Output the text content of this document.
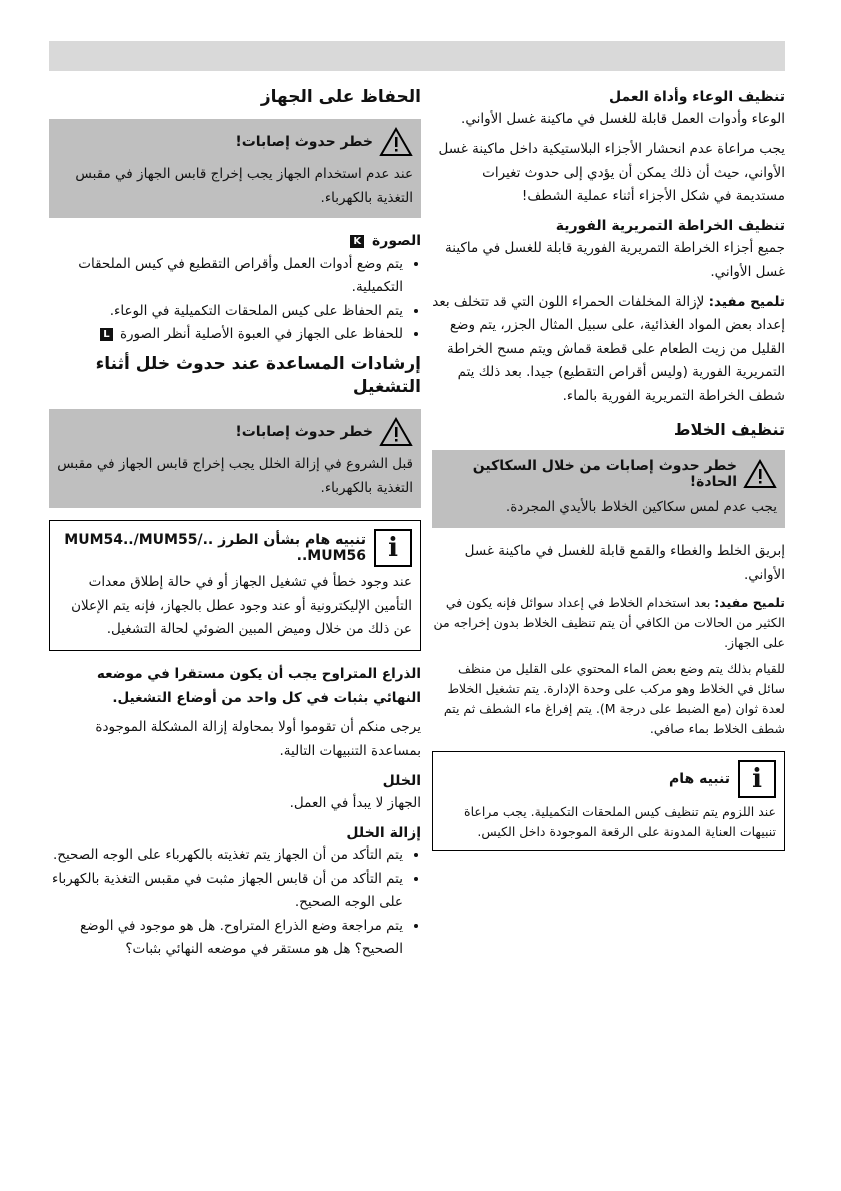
تنظيف الوعاء وأداة العمل

الوعاء وأدوات العمل قابلة للغسل في ماكينة غسل الأواني.

يجب مراعاة عدم انحشار الأجزاء البلاستيكية داخل ماكينة غسل الأواني، حيث أن ذلك يمكن أن يؤدي إلى حدوث تغيرات مستديمة في شكل الأجزاء أثناء عملية الشطف!

تنظيف الخراطة التمريرية الفورية

جميع أجزاء الخراطة التمريرية الفورية قابلة للغسل في ماكينة غسل الأواني.

تلميح مفيد: لإزالة المخلفات الحمراء اللون التي قد تتخلف بعد إعداد بعض المواد الغذائية، على سبيل المثال الجزر، يتم وضع القليل من زيت الطعام على قطعة قماش ويتم مسح الخراطة التمريرية الفورية (وليس أقراص التقطيع) جيدا. بعد ذلك يتم شطف الخراطة التمريرية الفورية بالماء.

تنظيف الخلاط
خطر حدوث إصابات من خلال السكاكين الحادة!
يجب عدم لمس سكاكين الخلاط بالأيدي المجردة.

إبريق الخلط والغطاء والقمع قابلة للغسل في ماكينة غسل الأواني.

تلميح مفيد: بعد استخدام الخلاط في إعداد سوائل فإنه يكون في الكثير من الحالات من الكافي أن يتم تنظيف الخلاط بدون إخراجه من على الجهاز.

للقيام بذلك يتم وضع بعض الماء المحتوي على القليل من منظف سائل في الخلاط وهو مركب على وحدة الإدارة. يتم تشغيل الخلاط لعدة ثوان (مع الضبط على درجة M). يتم إفراغ ماء الشطف ثم يتم شطف الخلاط بماء صافي.

i
تنبيه هام
عند اللزوم يتم تنظيف كيس الملحقات التكميلية. يجب مراعاة تنبيهات العناية المدونة على الرقعة الموجودة داخل الكيس.
الحفاظ على الجهاز
خطر حدوث إصابات!
عند عدم استخدام الجهاز يجب إخراج قابس الجهاز في مقبس التغذية بالكهرباء.
الصورة K
• يتم وضع أدوات العمل وأقراص التقطيع في كيس الملحقات التكميلية.
• يتم الحفاظ على كيس الملحقات التكميلية في الوعاء.
• للحفاظ على الجهاز في العبوة الأصلية أنظر الصورة L
إرشادات المساعدة عند حدوث خلل أثناء التشغيل
خطر حدوث إصابات!
قبل الشروع في إزالة الخلل يجب إخراج قابس الجهاز في مقبس التغذية بالكهرباء.
i
تنبيه هام بشأن الطرز ../MUM54../MUM55 ..MUM56
عند وجود خطأ في تشغيل الجهاز أو في حالة إطلاق معدات التأمين الإليكترونية أو عند وجود عطل بالجهاز، فإنه يتم الإعلان عن ذلك من خلال وميض المبين الضوئي لحالة التشغيل.

الذراع المتراوح يجب أن يكون مستقرا في موضعه النهائي بثبات في كل واحد من أوضاع التشغيل.

يرجى منكم أن تقوموا أولا بمحاولة إزالة المشكلة الموجودة بمساعدة التنبيهات التالية.

الخلل

الجهاز لا يبدأ في العمل.

إزالة الخلل
• يتم التأكد من أن الجهاز يتم تغذيته بالكهرباء على الوجه الصحيح.
• يتم التأكد من أن قابس الجهاز مثبت في مقبس التغذية بالكهرباء على الوجه الصحيح.
• يتم مراجعة وضع الذراع المتراوح. هل هو موجود في الوضع الصحيح؟ هل هو مستقر في موضعه النهائي بثبات؟
